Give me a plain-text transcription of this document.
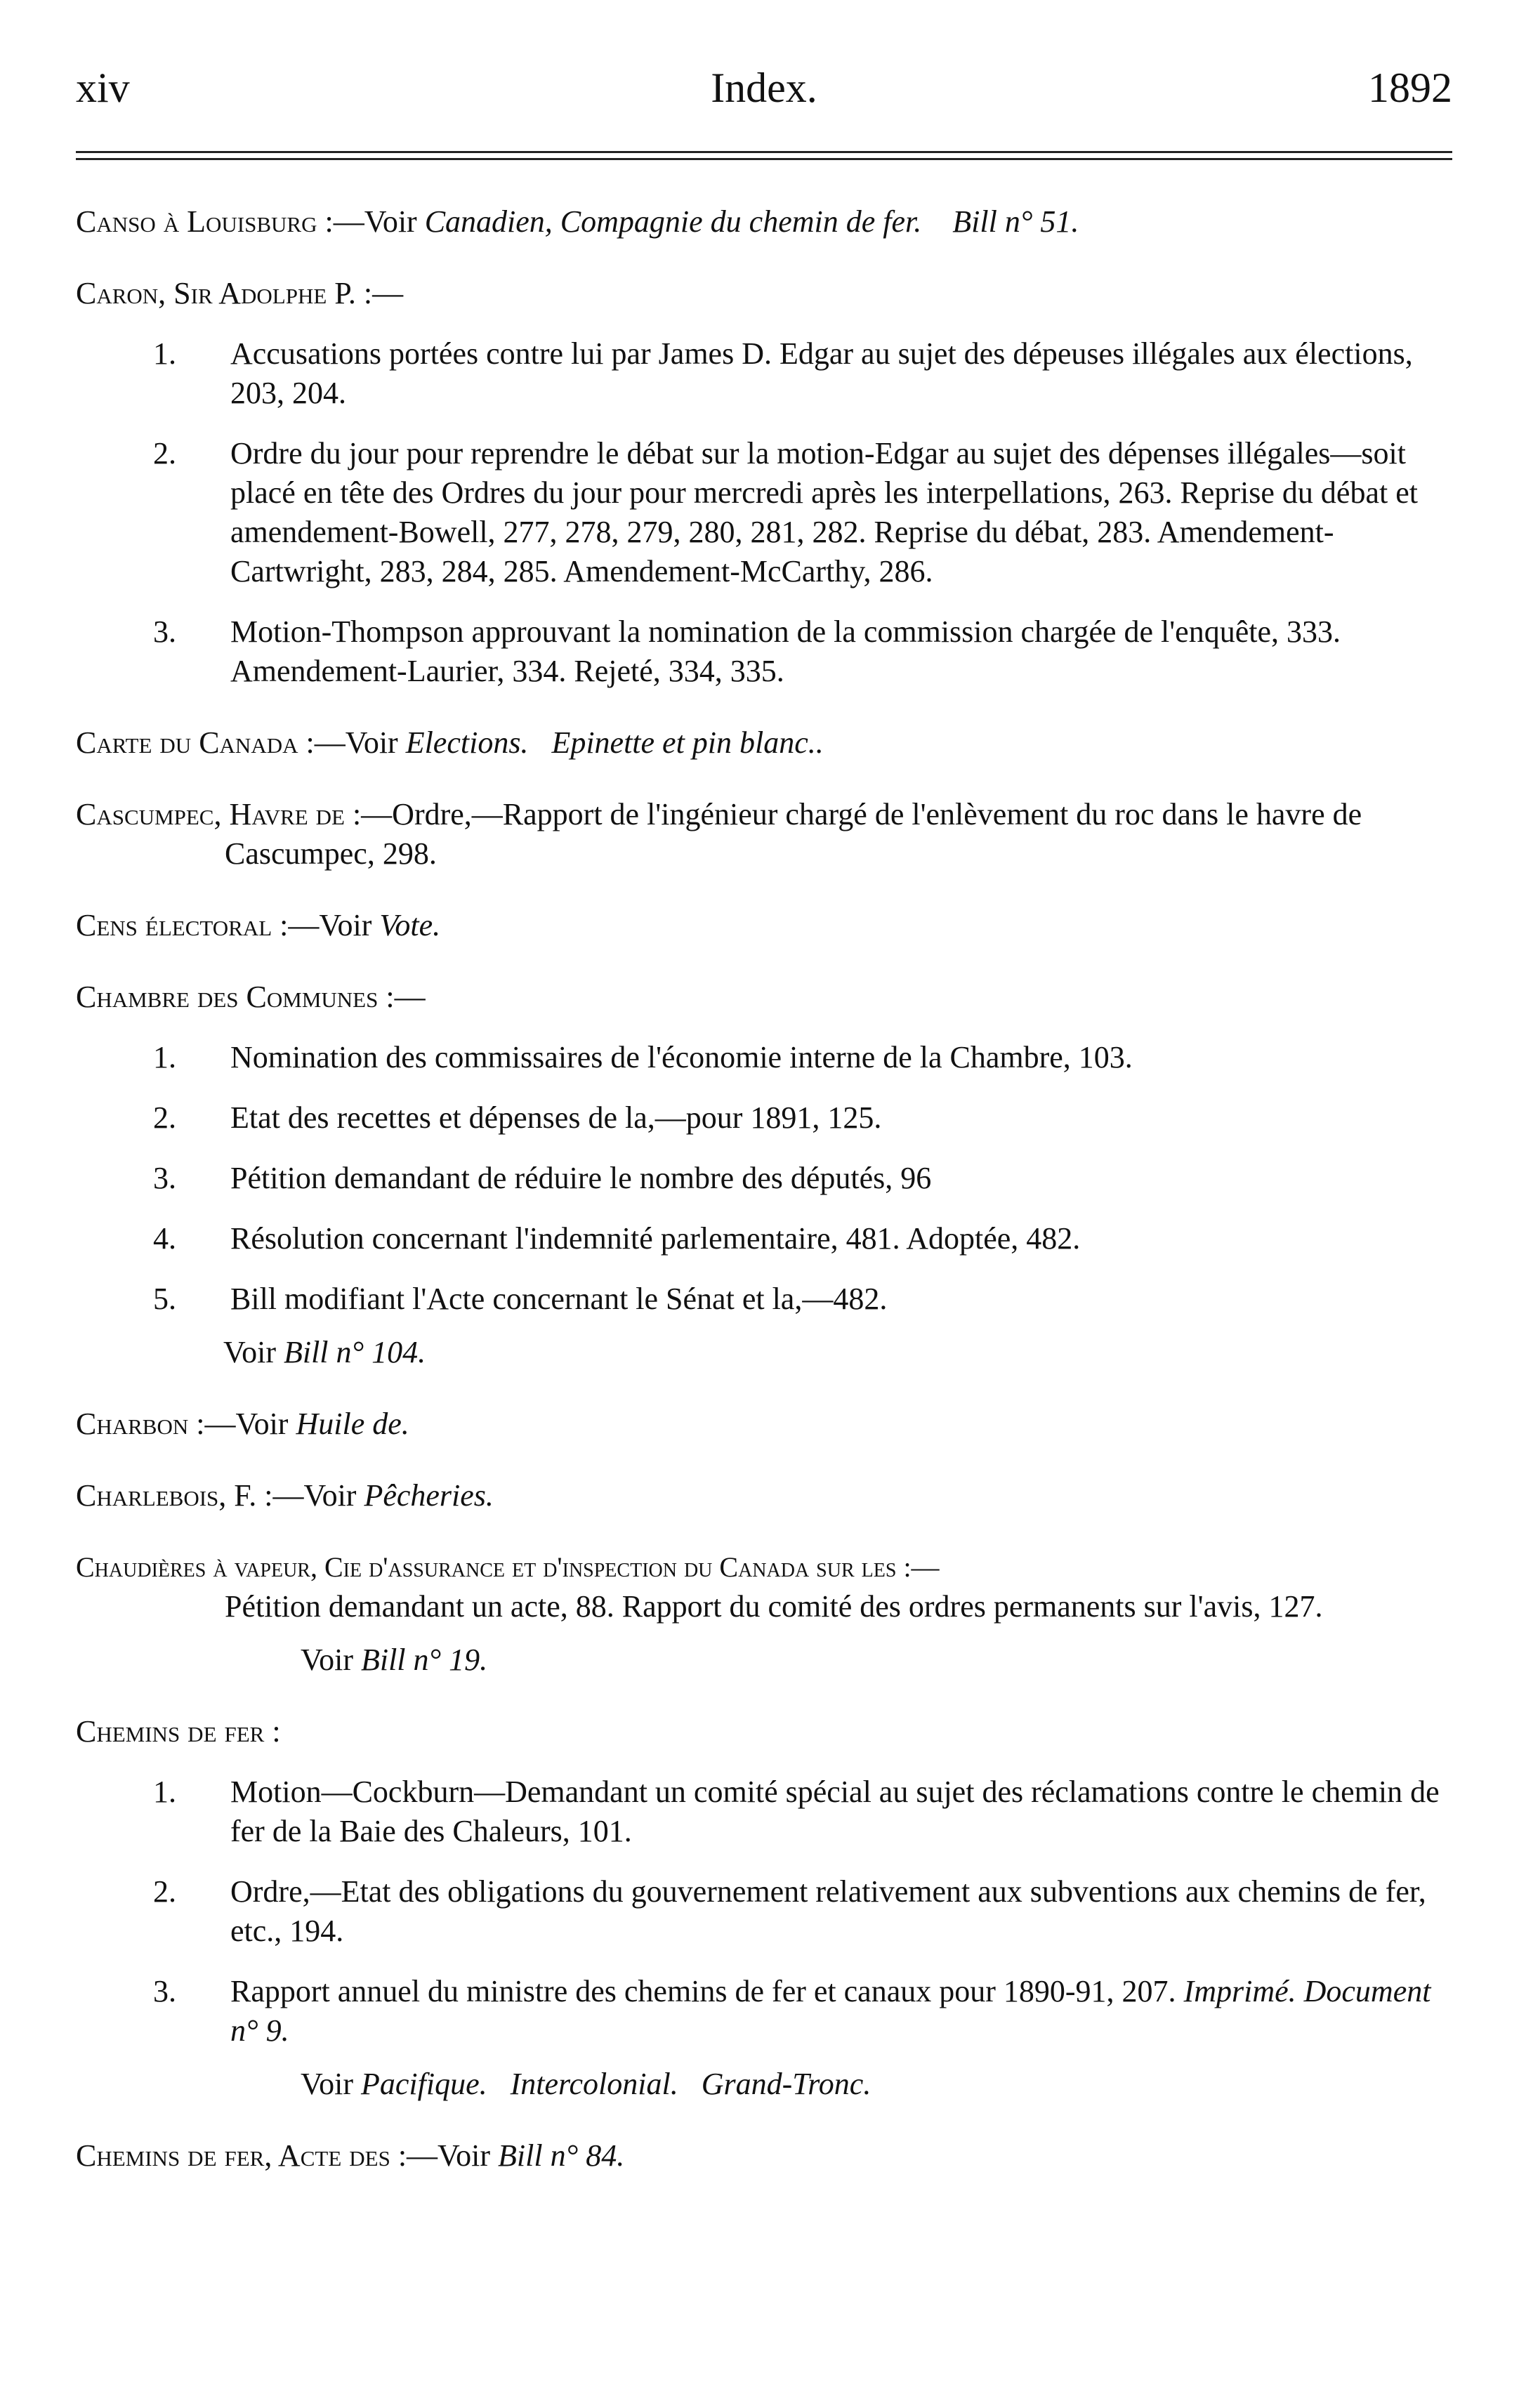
xiv	Index.	1892
Canso à Louisburg :—Voir Canadien, Compagnie du chemin de fer. Bill n° 51.
Caron, Sir Adolphe P. :—
1. Accusations portées contre lui par James D. Edgar au sujet des dépeuses illégales aux élections, 203, 204.
2. Ordre du jour pour reprendre le débat sur la motion-Edgar au sujet des dépenses illégales—soit placé en tête des Ordres du jour pour mercredi après les interpellations, 263. Reprise du débat et amendement-Bowell, 277, 278, 279, 280, 281, 282. Reprise du débat, 283. Amendement-Cartwright, 283, 284, 285. Amendement-McCarthy, 286.
3. Motion-Thompson approuvant la nomination de la commission chargée de l'enquête, 333. Amendement-Laurier, 334. Rejeté, 334, 335.
Carte du Canada :—Voir Elections. Epinette et pin blanc..
Cascumpec, Havre de :—Ordre,—Rapport de l'ingénieur chargé de l'enlèvement du roc dans le havre de Cascumpec, 298.
Cens électoral :—Voir Vote.
Chambre des Communes :—
1. Nomination des commissaires de l'économie interne de la Chambre, 103.
2. Etat des recettes et dépenses de la,—pour 1891, 125.
3. Pétition demandant de réduire le nombre des députés, 96
4. Résolution concernant l'indemnité parlementaire, 481. Adoptée, 482.
5. Bill modifiant l'Acte concernant le Sénat et la,—482.
Voir Bill n° 104.
Charbon :—Voir Huile de.
Charlebois, F. :—Voir Pêcheries.
Chaudières à vapeur, Cie d'assurance et d'inspection du Canada sur les :—
Pétition demandant un acte, 88. Rapport du comité des ordres permanents sur l'avis, 127.
Voir Bill n° 19.
Chemins de fer :
1. Motion—Cockburn—Demandant un comité spécial au sujet des réclamations contre le chemin de fer de la Baie des Chaleurs, 101.
2. Ordre,—Etat des obligations du gouvernement relativement aux subventions aux chemins de fer, etc., 194.
3. Rapport annuel du ministre des chemins de fer et canaux pour 1890-91, 207. Imprimé. Document n° 9.
Voir Pacifique. Intercolonial. Grand-Tronc.
Chemins de fer, Acte des :—Voir Bill n° 84.
